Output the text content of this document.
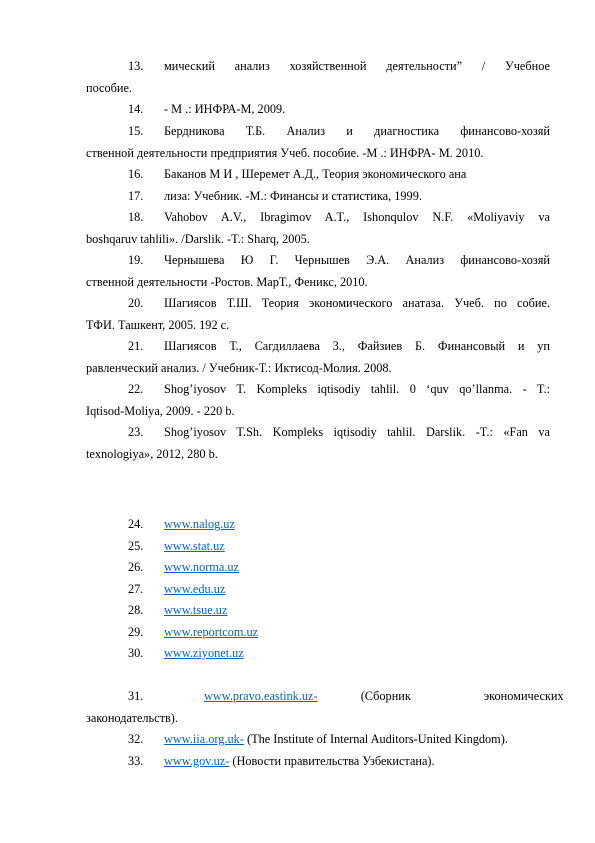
13. мический анализ хозяйственной деятельности” / Учебное
пособие.
14. - М .: ИНФРА-М, 2009.
15. Бердникова Т.Б. Анализ и диагностика финансово-хозяй
ственной деятельности предприятия Учеб. пособие. -М .: ИНФРА- М. 2010.
16. Баканов М И , Шеремет А.Д., Теория экономического ана
17. лиза: Учебник. -М.: Финансы и статистика, 1999.
18. Vahobov A.V., Ibragimov A.T., Ishonqulov N.F. «Moliyaviy va
boshqaruv tahlili». /Darslik. -T.: Sharq, 2005.
19. Чернышева Ю Г. Чернышев Э.А. Анализ финансово-хозяй
ственной деятельности -Ростов. МарТ., Феникс, 2010.
20. Шагиясов Т.Ш. Теория экономического анатаза. Учеб. по собие.
ТФИ. Ташкент, 2005. 192 с.
21. Шагиясов Т., Сагдиллаева 3., Файзиев Б. Финансовый и уп
равленческий анализ. / Учебник-Т.: Иктисод-Молия. 2008.
22. Shog’iyosov T. Kompleks iqtisodiy tahlil. 0 ‘quv qo’llanma. - T.:
Iqtisod-Moliya, 2009. - 220 b.
23. Shog’iyosov T.Sh. Kompleks iqtisodiy tahlil. Darslik. -T.: «Fan va
texnologiya», 2012, 280 b.
24. www.nalog.uz
25. www.stat.uz
26. www.norma.uz
27. www.edu.uz
28. www.tsue.uz
29. www.reportcom.uz
30. www.ziyonet.uz
31.	www.pravo.eastink.uz-	(Сборник экономических
законодательств).
32. www.iia.org.uk- (The Institute of Internal Auditors-United Kingdom).
33. www.gov.uz- (Новости правительства Узбекистана).
